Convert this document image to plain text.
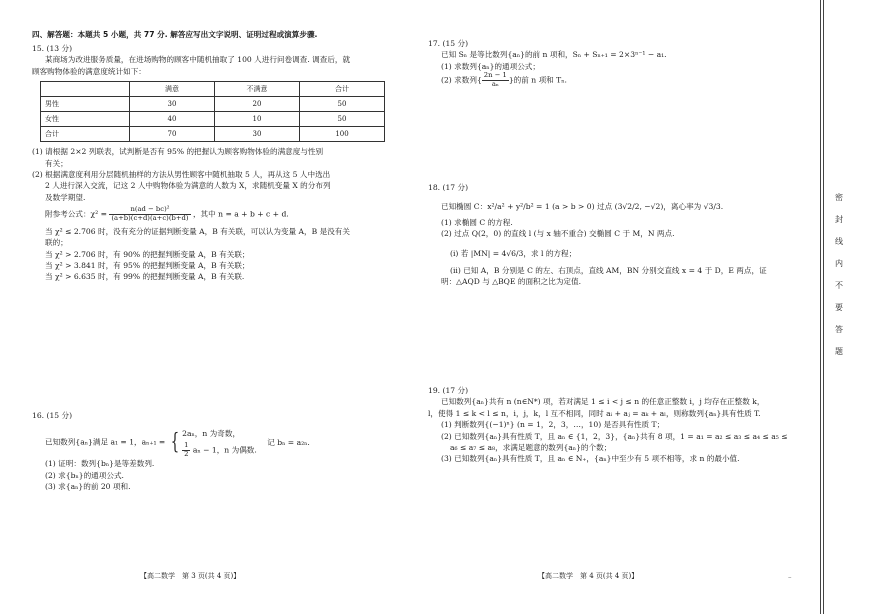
四、解答题：本题共 5 小题，共 77 分. 解答应写出文字说明、证明过程或演算步骤.

15. (13 分)

某商场为改进服务质量，在进场购物的顾客中随机抽取了 100 人进行问卷调查. 调查后，就

顾客购物体验的满意度统计如下：

	满意	不满意	合计
男性	30	20	50
女性	40	10	50
合计	70	30	100

(1) 请根据 2×2 列联表，试判断是否有 95% 的把握认为顾客购物体验的满意度与性别

有关；

(2) 根据满意度利用分层随机抽样的方法从男性顾客中随机抽取 5 人，再从这 5 人中选出

2 人进行深入交流，记这 2 人中购物体验为满意的人数为 X，求随机变量 X 的分布列

及数学期望.

附参考公式：$\chi^2 = \frac{\text{n(ad − bc)²}}{(a+b)(c+d)(a+c)(b+d)}$ ，其中 n = a + b + c + d.

当 χ² ≤ 2.706 时，没有充分的证据判断变量 A，B 有关联，可以认为变量 A，B 是没有关

联的；

当 χ² > 2.706 时，有 90% 的把握判断变量 A，B 有关联；

当 χ² > 3.841 时，有 95% 的把握判断变量 A，B 有关联；

当 χ² > 6.635 时，有 99% 的把握判断变量 A，B 有关联.

16. (15 分)

已知数列{aₙ}满足 a₁ = 1，aₙ₊₁ = { 2aₙ，n 为奇数，
$\frac{1}{2}$ aₙ − 1，n 为偶数.
记 bₙ = a₂ₙ.

(1) 证明：数列{bₙ}是等差数列.

(2) 求{bₙ}的通项公式.

(3) 求{aₙ}的前 20 项和.

【高二数学　第 3 页(共 4 页)】

17. (15 分)

已知 Sₙ 是等比数列{aₙ}的前 n 项和，Sₙ + Sₙ₊₁ = 2×3ⁿ⁻¹ − a₁.

(1) 求数列{aₙ}的通项公式；

(2) 求数列{ $\frac{2n - 1}{\text{aₙ}}$ }的前 n 项和 Tₙ.

18. (17 分)

已知椭圆 C：x²/a² + y²/b² = 1 (a > b > 0) 过点 (3√2/2, −√2)，离心率为 √3/3.

(1) 求椭圆 C 的方程.

(2) 过点 Q(2，0) 的直线 l (与 x 轴不重合) 交椭圆 C 于 M，N 两点.

(ⅰ) 若 |MN| = 4√6/3，求 l 的方程；

(ⅱ) 已知 A，B 分别是 C 的左、右顶点，直线 AM，BN 分别交直线 x = 4 于 D，E 两点，证

明：△AQD 与 △BQE 的面积之比为定值.

19. (17 分)

已知数列{aₙ}共有 n (n∈N*) 项，若对满足 1 ≤ i < j ≤ n 的任意正整数 i，j 均存在正整数 k，

l，使得 1 ≤ k < l ≤ n，i，j，k，l 互不相同，同时 aᵢ + aⱼ = aₖ + aₗ，则称数列{aₙ}具有性质 T.

(1) 判断数列{(−1)ⁿ} (n = 1，2，3，…，10) 是否具有性质 T；

(2) 已知数列{aₙ}具有性质 T，且 aₙ ∈ {1，2，3}，{aₙ}共有 8 项，1 = a₁ = a₂ ≤ a₃ ≤ a₄ ≤ a₅ ≤

a₆ ≤ a₇ ≤ a₈，求满足题意的数列{aₙ}的个数；

(3) 已知数列{aₙ}具有性质 T，且 aₙ ∈ N₊，{aₙ}中至少有 5 项不相等，求 n 的最小值.

【高二数学　第 4 页(共 4 页)】	–
密
封
线
内
不
要
答
题
